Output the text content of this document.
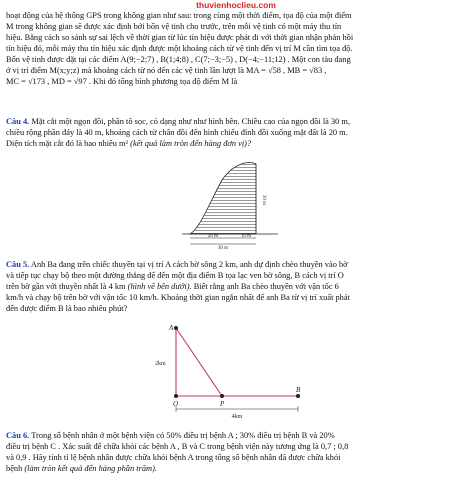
thuvienhoclieu.com
hoạt động của hệ thống GPS trong không gian như sau: trong cùng một thời điểm, tọa độ của một điểm
M trong không gian sẽ được xác định bởi bốn vệ tinh cho trước, trên mỗi vệ tinh có một máy thu tín
hiệu. Bằng cách so sánh sự sai lệch về thời gian từ lúc tín hiệu được phát đi với thời gian nhận phản hồi
tín hiệu đó, mỗi máy thu tín hiệu xác định được một khoảng cách từ vệ tinh đến vị trí M cần tìm tọa độ.
Bốn vệ tinh được đặt tại các điểm A(9;−2;7) , B(1;4;8) , C(7;−3;−5) , D(−4;−11;12) . Một con tàu đang
ở vị trí điểm M(x;y;z) mà khoảng cách từ nó đến các vệ tinh lần lượt là MA = √58 , MB = √83 ,
MC = √173 , MD = √97 . Khi đó tổng bình phương tọa độ điểm M là
Câu 4. Mặt cắt một ngọn đồi, phần tô sọc, có dạng như như hình bên. Chiều cao của ngọn đồi là 30 m,
chiều rộng phần đáy là 40 m, khoảng cách từ chân đồi đến hình chiếu đỉnh đồi xuống mặt đất là 20 m.
Diện tích mặt cắt đó là bao nhiêu m² (kết quả làm tròn đến hàng đơn vị)?
30 m
20 m	10 m
30 m
Câu 5. Anh Ba đang trên chiếc thuyền tại vị trí A cách bờ sông 2 km, anh dự định chèo thuyền vào bờ
và tiếp tục chạy bộ theo một đường thẳng để đến một địa điểm B tọa lạc ven bờ sông, B cách vị trí O
trên bờ gần với thuyền nhất là 4 km (hình vẽ bên dưới). Biết rằng anh Ba chèo thuyền với vận tốc 6
km/h và chạy bộ trên bờ với vận tốc 10 km/h. Khoảng thời gian ngắn nhất để anh Ba từ vị trí xuất phát
đến được điểm B là bao nhiêu phút?
A
O	P
B
2km
4km
Câu 6. Trong số bệnh nhân ở một bệnh viện có 50% điều trị bệnh A ; 30% điều trị bệnh B và 20%
điều trị bệnh C . Xác suất để chữa khỏi các bệnh A , B và C trong bệnh viện này tương ứng là 0,7 ; 0,8
và 0,9 . Hãy tính tỉ lệ bệnh nhân được chữa khỏi bệnh A trong tổng số bệnh nhân đã được chữa khỏi
bệnh (làm tròn kết quả đến hàng phần trăm).
